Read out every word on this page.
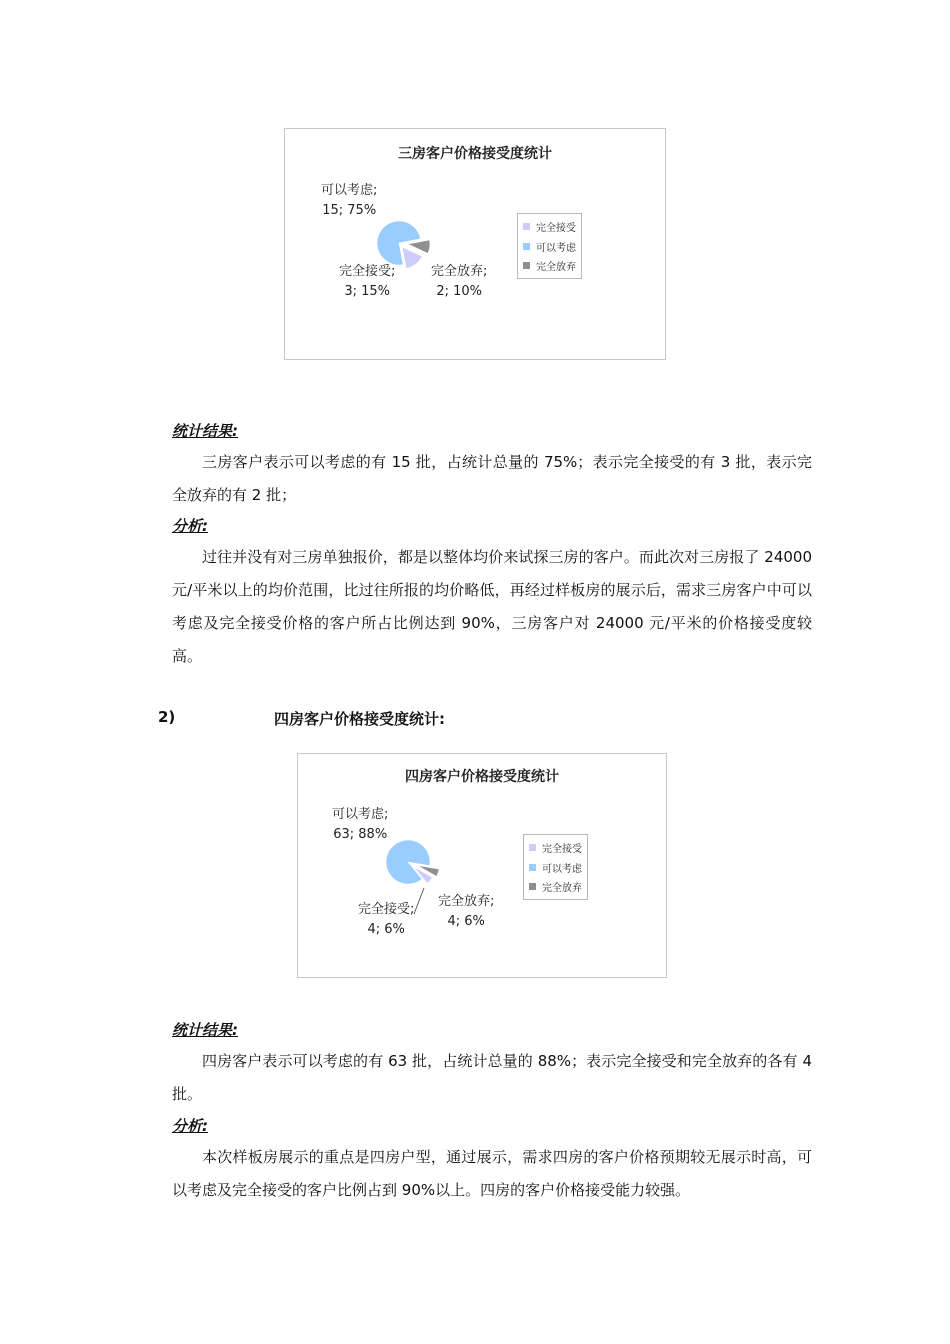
三房客户价格接受度统计
可以考虑;
15; 75%
完全接受;
3; 15%
完全放弃;
2; 10%
完全接受
可以考虑
完全放弃
统计结果:
三房客户表示可以考虑的有 15 批，占统计总量的 75%；表示完全接受的有 3 批，表示完全放弃的有 2 批；
分析:
过往并没有对三房单独报价，都是以整体均价来试探三房的客户。而此次对三房报了 24000 元/平米以上的均价范围，比过往所报的均价略低，再经过样板房的展示后，需求三房客户中可以考虑及完全接受价格的客户所占比例达到 90%，三房客户对 24000 元/平米的价格接受度较高。
2)	四房客户价格接受度统计:
四房客户价格接受度统计
可以考虑;
63; 88%
完全接受;
4; 6%
完全放弃;
4; 6%
完全接受
可以考虑
完全放弃
统计结果:
四房客户表示可以考虑的有 63 批，占统计总量的 88%；表示完全接受和完全放弃的各有 4 批。
分析:
本次样板房展示的重点是四房户型，通过展示，需求四房的客户价格预期较无展示时高，可以考虑及完全接受的客户比例占到 90%以上。四房的客户价格接受能力较强。
